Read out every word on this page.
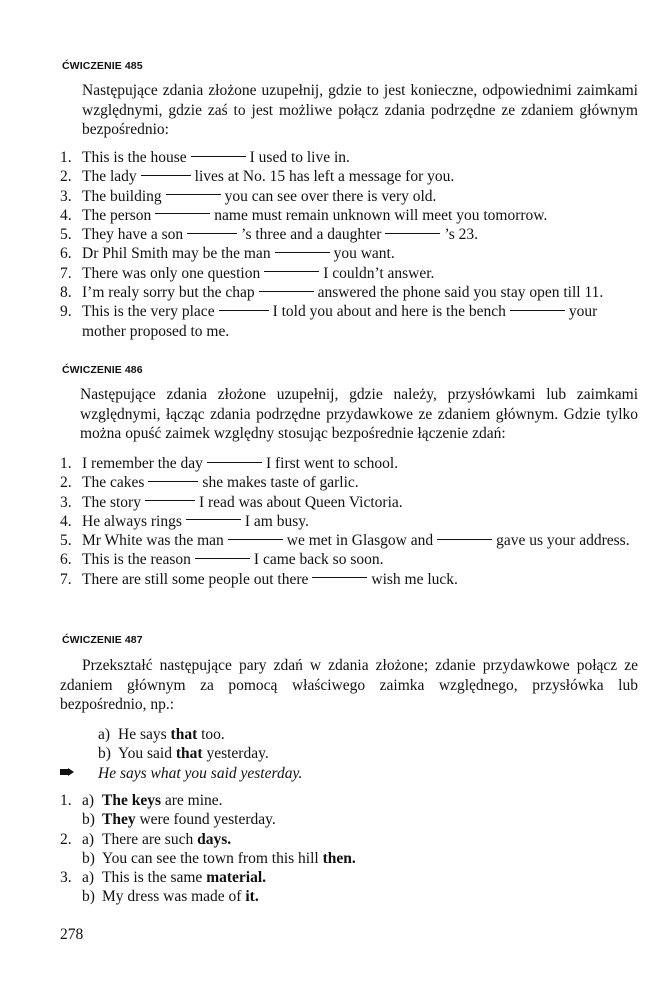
ĆWICZENIE 485
Następujące zdania złożone uzupełnij, gdzie to jest konieczne, odpowiednimi zaimkami względnymi, gdzie zaś to jest możliwe połącz zdania podrzędne ze zdaniem głównym bezpośrednio:
1. This is the house	I used to live in.
2. The lady	lives at No. 15 has left a message for you.
3. The building	you can see over there is very old.
4. The person	name must remain unknown will meet you tomorrow.
5. They have a son	’s three and a daughter	’s 23.
6. Dr Phil Smith may be the man	you want.
7. There was only one question	I couldn’t answer.
8. I’m realy sorry but the chap	answered the phone said you stay open till 11.
9. This is the very place	I told you about and here is the bench	your mother proposed to me.
ĆWICZENIE 486
Następujące zdania złożone uzupełnij, gdzie należy, przysłówkami lub zaimkami względnymi, łącząc zdania podrzędne przydawkowe ze zdaniem głównym. Gdzie tylko można opuść zaimek względny stosując bezpośrednie łączenie zdań:
1. I remember the day	I first went to school.
2. The cakes	she makes taste of garlic.
3. The story	I read was about Queen Victoria.
4. He always rings	I am busy.
5. Mr White was the man	we met in Glasgow and	gave us your address.
6. This is the reason	I came back so soon.
7. There are still some people out there	wish me luck.
ĆWICZENIE 487
Przekształć następujące pary zdań w zdania złożone; zdanie przydawkowe połącz ze zdaniem głównym za pomocą właściwego zaimka względnego, przysłówka lub bezpośrednio, np.:
a) He says that too.
b) You said that yesterday.
He says what you said yesterday.
1. a) The keys are mine.
b) They were found yesterday.
2. a) There are such days.
b) You can see the town from this hill then.
3. a) This is the same material.
b) My dress was made of it.
278
